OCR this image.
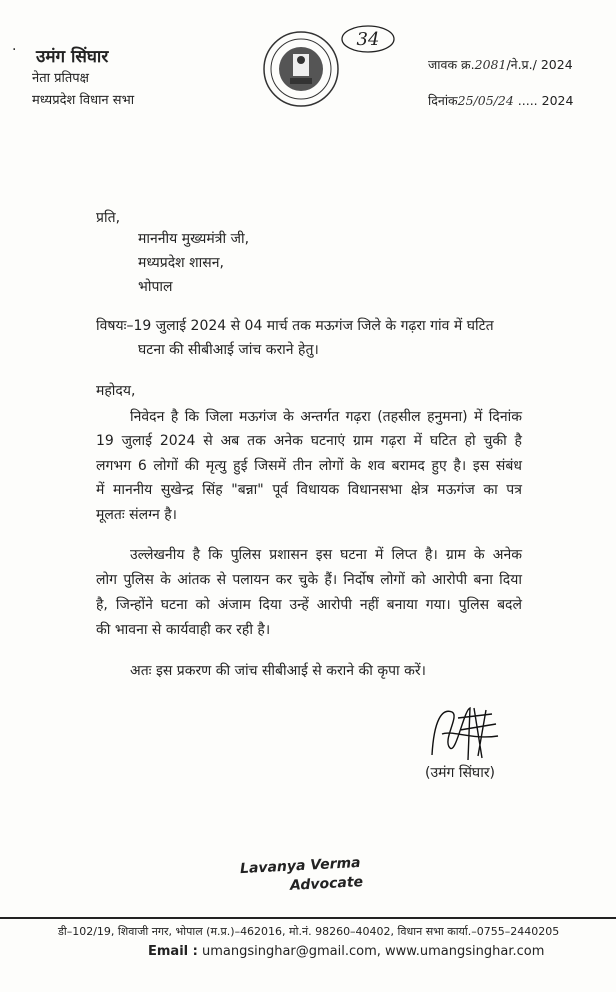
उमंग सिंघार
नेता प्रतिपक्ष
मध्यप्रदेश विधान सभा
34
जावक क्र.2081/ने.प्र./ 2024
दिनांक25/05/24 ..... 2024
प्रति,
माननीय मुख्यमंत्री जी,
मध्यप्रदेश शासन,
भोपाल
विषयः–19 जुलाई 2024 से 04 मार्च तक मऊगंज जिले के गढ़रा गांव में घटित
घटना की सीबीआई जांच कराने हेतु।
महोदय,
निवेदन है कि जिला मऊगंज के अन्तर्गत गढ़रा (तहसील हनुमना) में दिनांक
19 जुलाई 2024 से अब तक अनेक घटनाएं ग्राम गढ़रा में घटित हो चुकी है
लगभग 6 लोगों की मृत्यु हुई जिसमें तीन लोगों के शव बरामद हुए है। इस संबंध
में माननीय सुखेन्द्र सिंह "बन्ना" पूर्व विधायक विधानसभा क्षेत्र मऊगंज का पत्र
मूलतः संलग्न है।
उल्लेखनीय है कि पुलिस प्रशासन इस घटना में लिप्त है। ग्राम के अनेक
लोग पुलिस के आंतक से पलायन कर चुके हैं। निर्दोष लोगों को आरोपी बना दिया
है, जिन्होंने घटना को अंजाम दिया उन्हें आरोपी नहीं बनाया गया। पुलिस बदले
की भावना से कार्यवाही कर रही है।
अतः इस प्रकरण की जांच सीबीआई से कराने की कृपा करें।
(उमंग सिंघार)
Lavanya Verma
Advocate
.
डी–102/19, शिवाजी नगर, भोपाल (म.प्र.)–462016, मो.नं. 98260–40402, विधान सभा कार्या.–0755–2440205
Email : umangsinghar@gmail.com, www.umangsinghar.com
